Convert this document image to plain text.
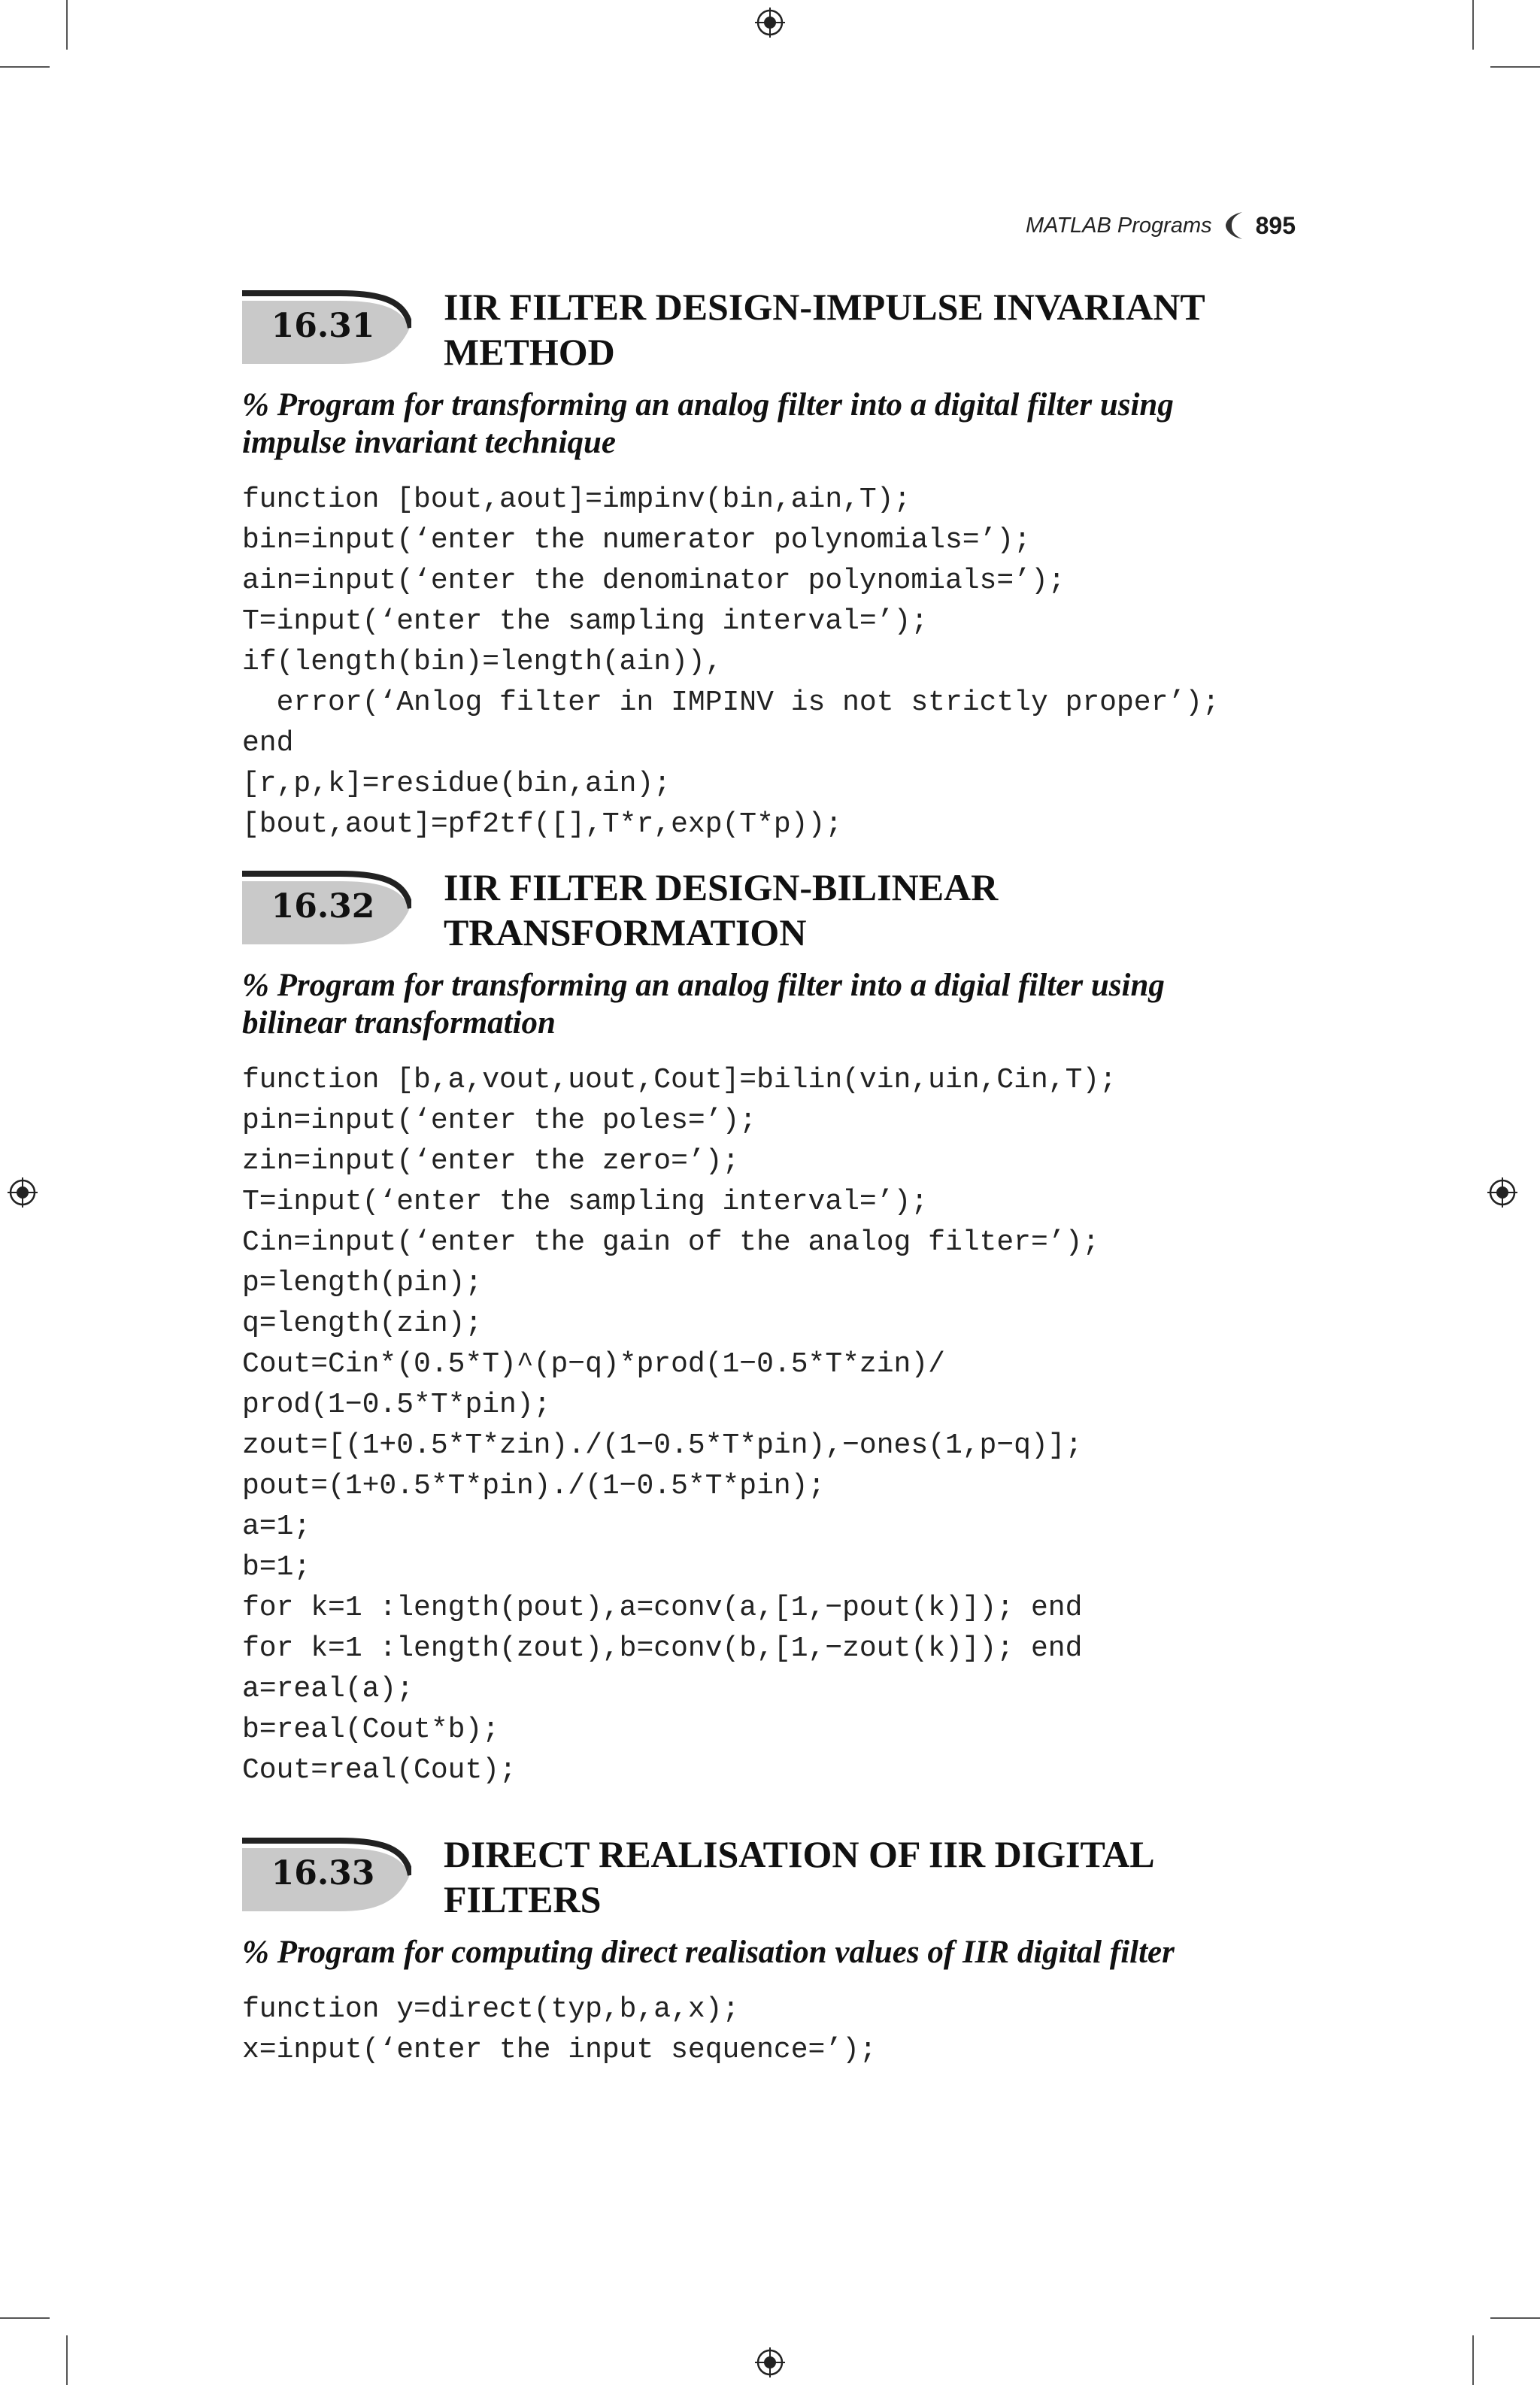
MATLAB Programs 895
16.31	IIR FILTER DESIGN-IMPULSE INVARIANT
METHOD

% Program for transforming an analog filter into a digital filter using
impulse invariant technique

function [bout,aout]=impinv(bin,ain,T);
bin=input(‘enter the numerator polynomials=’);
ain=input(‘enter the denominator polynomials=’);
T=input(‘enter the sampling interval=’);
if(length(bin)=length(ain)),
error(‘Anlog filter in IMPINV is not strictly proper’);
end
[r,p,k]=residue(bin,ain);
[bout,aout]=pf2tf([],T*r,exp(T*p));
16.32	IIR FILTER DESIGN-BILINEAR
TRANSFORMATION

% Program for transforming an analog filter into a digial filter using
bilinear transformation

function [b,a,vout,uout,Cout]=bilin(vin,uin,Cin,T);
pin=input(‘enter the poles=’);
zin=input(‘enter the zero=’);
T=input(‘enter the sampling interval=’);
Cin=input(‘enter the gain of the analog filter=’);
p=length(pin);
q=length(zin);
Cout=Cin*(0.5*T)^(p−q)*prod(1−0.5*T*zin)/
prod(1−0.5*T*pin);
zout=[(1+0.5*T*zin)./(1−0.5*T*pin),−ones(1,p−q)];
pout=(1+0.5*T*pin)./(1−0.5*T*pin);
a=1;
b=1;
for k=1 :length(pout),a=conv(a,[1,−pout(k)]); end
for k=1 :length(zout),b=conv(b,[1,−zout(k)]); end
a=real(a);
b=real(Cout*b);
Cout=real(Cout);
16.33	DIRECT REALISATION OF IIR DIGITAL
FILTERS

% Program for computing direct realisation values of IIR digital filter

function y=direct(typ,b,a,x);
x=input(‘enter the input sequence=’);
